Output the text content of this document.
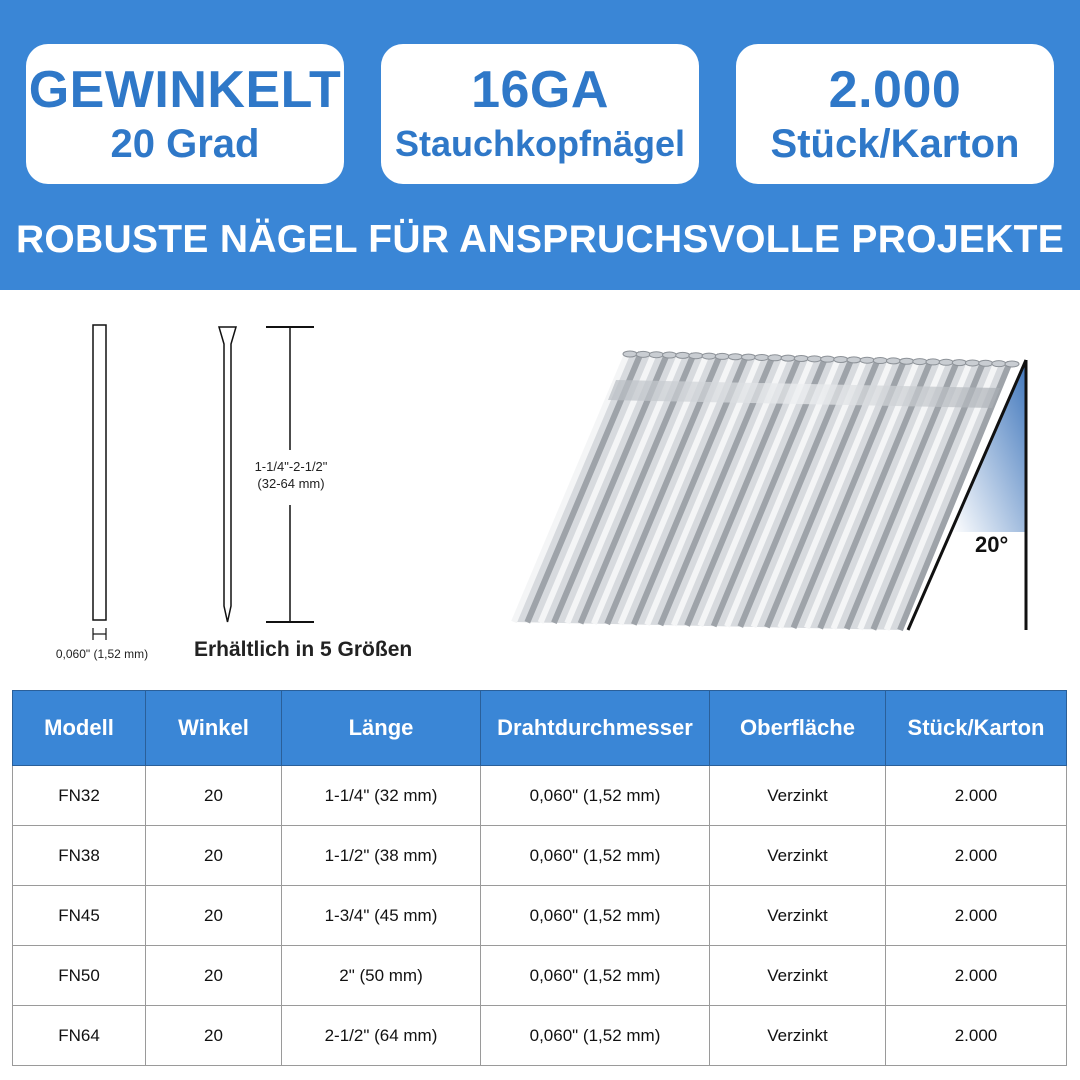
GEWINKELT
20 Grad
16GA
Stauchkopfnägel
2.000
Stück/Karton
ROBUSTE NÄGEL FÜR ANSPRUCHSVOLLE PROJEKTE
1-1/4"-2-1/2"
(32-64 mm)
0,060" (1,52 mm)	Erhältlich in 5 Größen
20°
Modell	Winkel	Länge	Drahtdurchmesser	Oberfläche	Stück/Karton
FN32	20	1-1/4" (32 mm)	0,060" (1,52 mm)	Verzinkt	2.000
FN38	20	1-1/2" (38 mm)	0,060" (1,52 mm)	Verzinkt	2.000
FN45	20	1-3/4" (45 mm)	0,060" (1,52 mm)	Verzinkt	2.000
FN50	20	2" (50 mm)	0,060" (1,52 mm)	Verzinkt	2.000
FN64	20	2-1/2" (64 mm)	0,060" (1,52 mm)	Verzinkt	2.000
